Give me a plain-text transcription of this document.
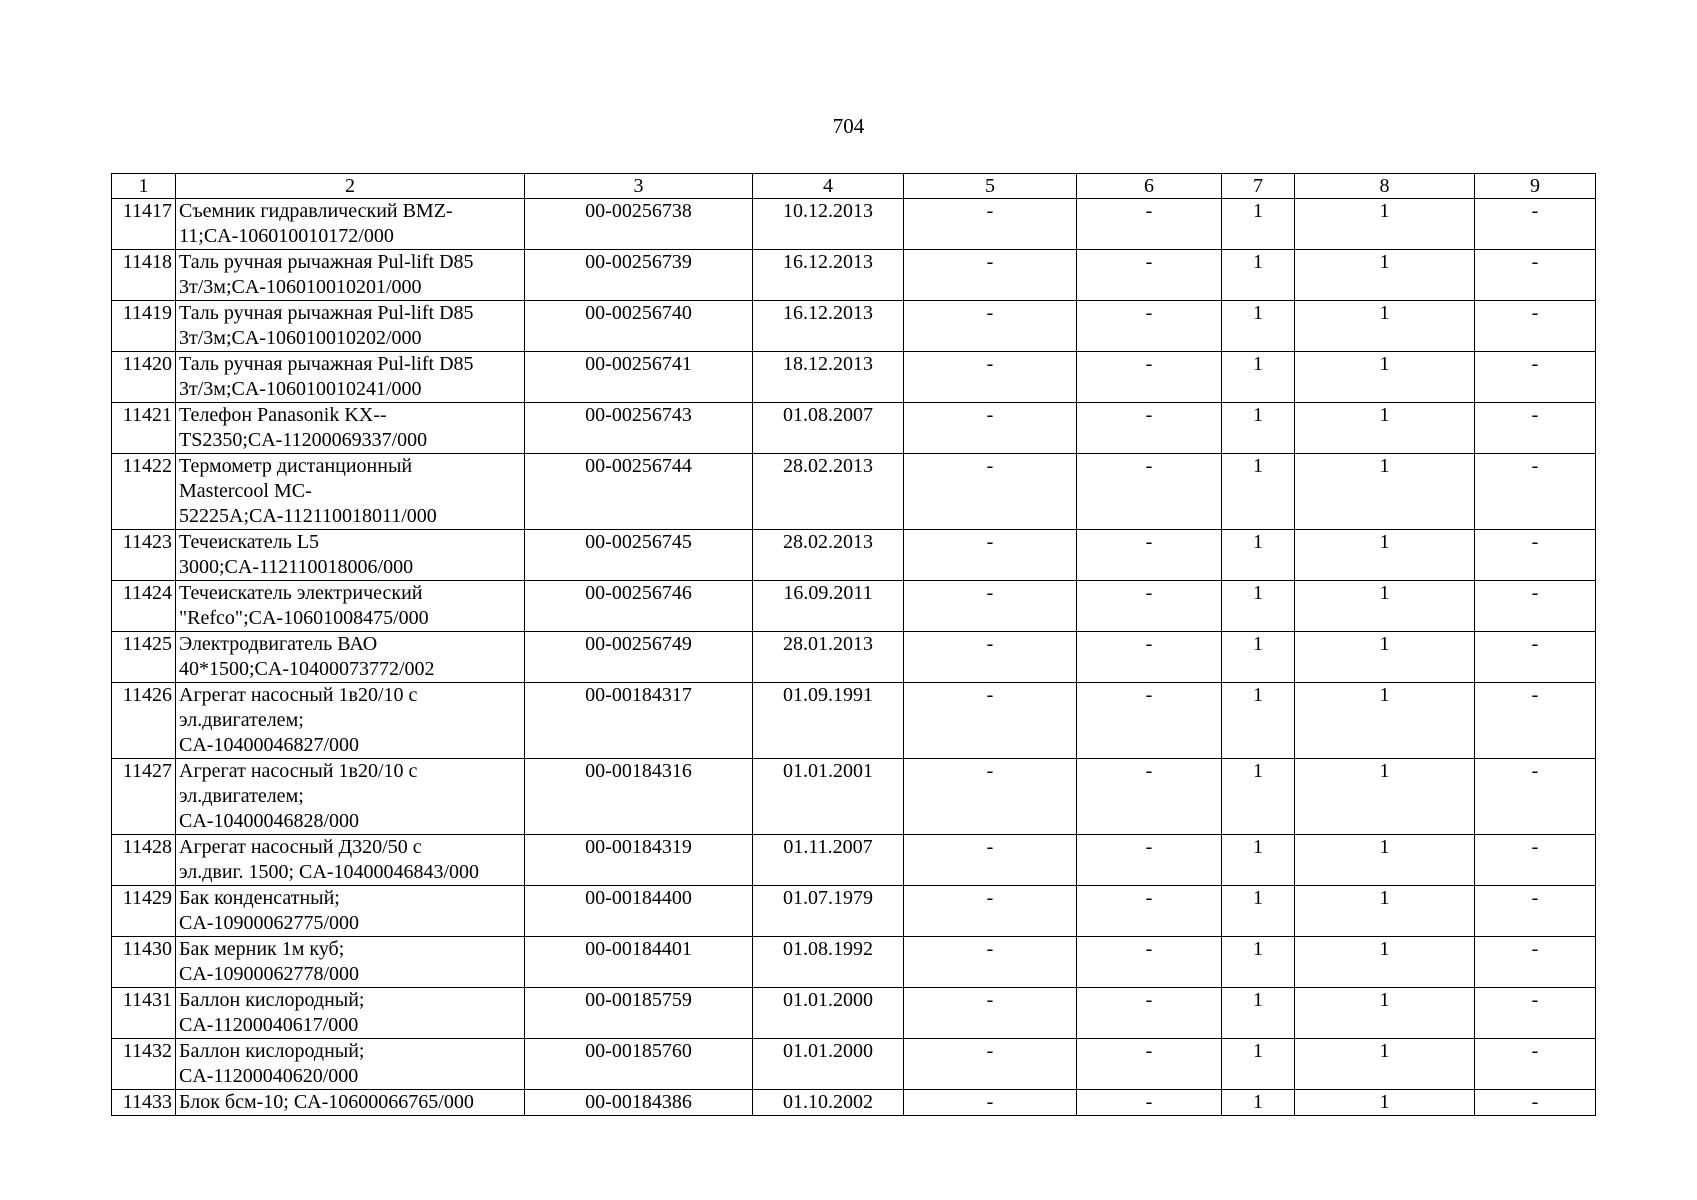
704
1	2	3	4	5	6	7	8	9
11417	Съемник гидравлический BMZ-
11;CA-106010010172/000	00-00256738	10.12.2013	-	-	1	1	-
11418	Таль ручная рычажная Pul-lift D85
3т/3м;CA-106010010201/000	00-00256739	16.12.2013	-	-	1	1	-
11419	Таль ручная рычажная Pul-lift D85
3т/3м;CA-106010010202/000	00-00256740	16.12.2013	-	-	1	1	-
11420	Таль ручная рычажная Pul-lift D85
3т/3м;CA-106010010241/000	00-00256741	18.12.2013	-	-	1	1	-
11421	Телефон Panasonik KX--
TS2350;CA-11200069337/000	00-00256743	01.08.2007	-	-	1	1	-
11422	Термометр дистанционный
Mastercool MC-
52225A;CA-112110018011/000	00-00256744	28.02.2013	-	-	1	1	-
11423	Течеискатель L5
3000;CA-112110018006/000	00-00256745	28.02.2013	-	-	1	1	-
11424	Течеискатель электрический
"Refco";CA-10601008475/000	00-00256746	16.09.2011	-	-	1	1	-
11425	Электродвигатель ВАО
40*1500;CA-10400073772/002	00-00256749	28.01.2013	-	-	1	1	-
11426	Агрегат насосный 1в20/10 с
эл.двигателем;
CA-10400046827/000	00-00184317	01.09.1991	-	-	1	1	-
11427	Агрегат насосный 1в20/10 с
эл.двигателем;
CA-10400046828/000	00-00184316	01.01.2001	-	-	1	1	-
11428	Агрегат насосный Д320/50 с
эл.двиг. 1500; CA-10400046843/000	00-00184319	01.11.2007	-	-	1	1	-
11429	Бак конденсатный;
CA-10900062775/000	00-00184400	01.07.1979	-	-	1	1	-
11430	Бак мерник 1м куб;
CA-10900062778/000	00-00184401	01.08.1992	-	-	1	1	-
11431	Баллон кислородный;
CA-11200040617/000	00-00185759	01.01.2000	-	-	1	1	-
11432	Баллон кислородный;
CA-11200040620/000	00-00185760	01.01.2000	-	-	1	1	-
11433	Блок бсм-10; CA-10600066765/000	00-00184386	01.10.2002	-	-	1	1	-
